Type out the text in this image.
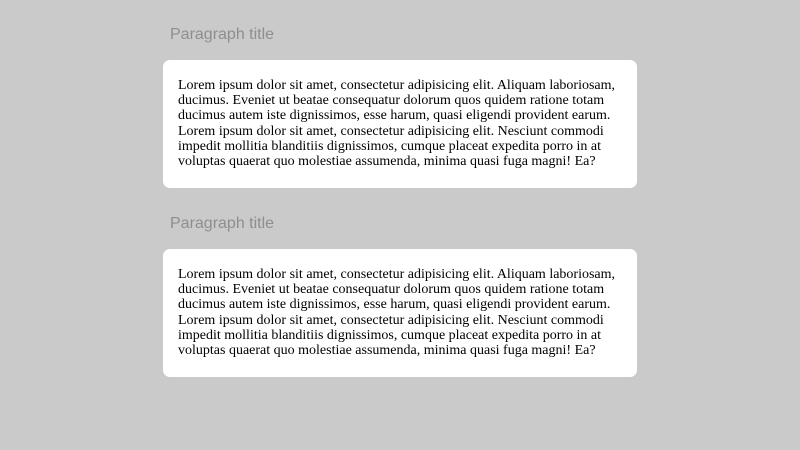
Paragraph title

Lorem ipsum dolor sit amet, consectetur adipisicing elit. Aliquam laboriosam, ducimus. Eveniet ut beatae consequatur dolorum quos quidem ratione totam ducimus autem iste dignissimos, esse harum, quasi eligendi provident earum. Lorem ipsum dolor sit amet, consectetur adipisicing elit. Nesciunt commodi impedit mollitia blanditiis dignissimos, cumque placeat expedita porro in at voluptas quaerat quo molestiae assumenda, minima quasi fuga magni! Ea?

Paragraph title

Lorem ipsum dolor sit amet, consectetur adipisicing elit. Aliquam laboriosam, ducimus. Eveniet ut beatae consequatur dolorum quos quidem ratione totam ducimus autem iste dignissimos, esse harum, quasi eligendi provident earum. Lorem ipsum dolor sit amet, consectetur adipisicing elit. Nesciunt commodi impedit mollitia blanditiis dignissimos, cumque placeat expedita porro in at voluptas quaerat quo molestiae assumenda, minima quasi fuga magni! Ea?
